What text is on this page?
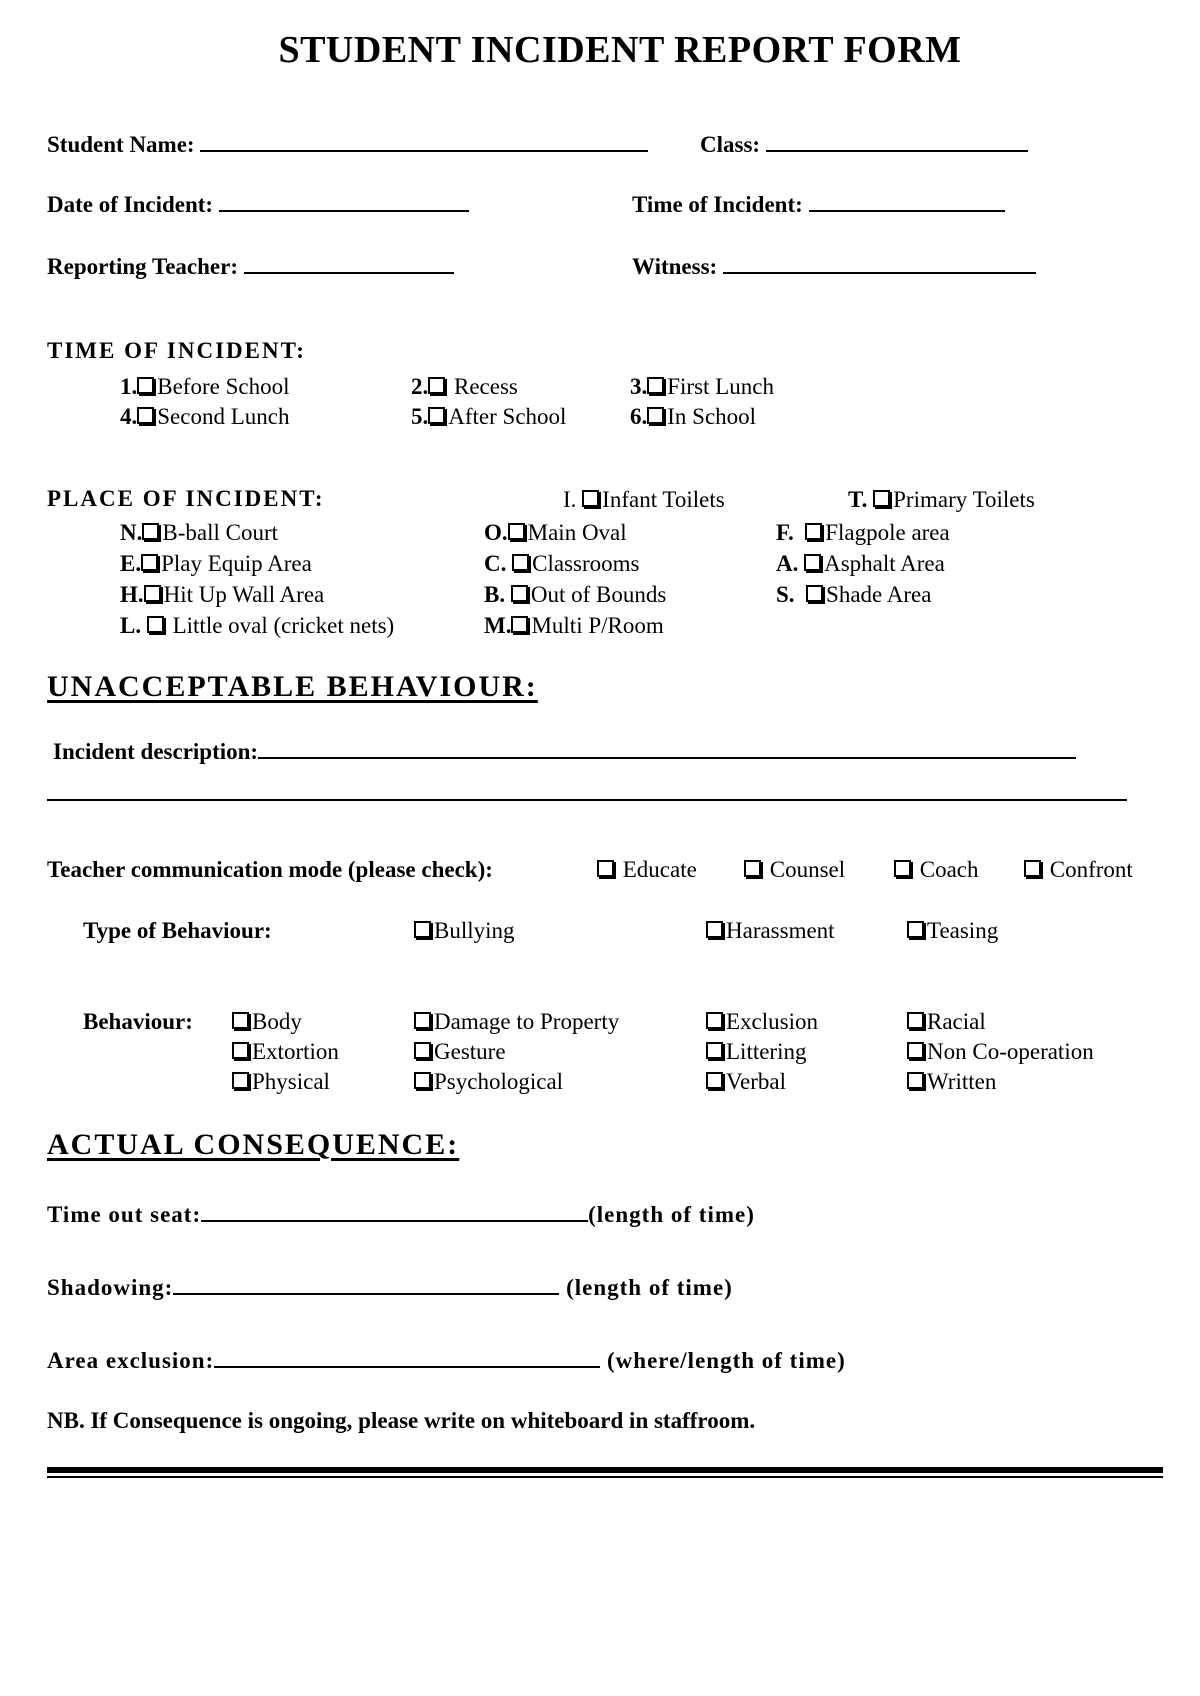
STUDENT INCIDENT REPORT FORM
Student Name:	Class:
Date of Incident:	Time of Incident:
Reporting Teacher:	Witness:
TIME OF INCIDENT:
1. Before School	2. Recess	3. First Lunch
4. Second Lunch	5. After School	6. In School
PLACE OF INCIDENT:	I. Infant Toilets	T. Primary Toilets
N. B-ball Court	O. Main Oval	F. Flagpole area
E. Play Equip Area	C. Classrooms	A. Asphalt Area
H. Hit Up Wall Area	B. Out of Bounds	S. Shade Area
L.  Little oval (cricket nets)	M. Multi P/Room
UNACCEPTABLE BEHAVIOUR:
Incident description:
Teacher communication mode (please check):	Educate	Counsel	Coach	Confront
Type of Behaviour:	Bullying	Harassment	Teasing
Behaviour:	Body	Damage to Property	Exclusion	Racial
Extortion	Gesture	Littering	Non Co-operation
Physical	Psychological	Verbal	Written
ACTUAL CONSEQUENCE:
Time out seat:	(length of time)
Shadowing:	(length of time)
Area exclusion:	(where/length of time)
NB. If Consequence is ongoing, please write on whiteboard in staffroom.
